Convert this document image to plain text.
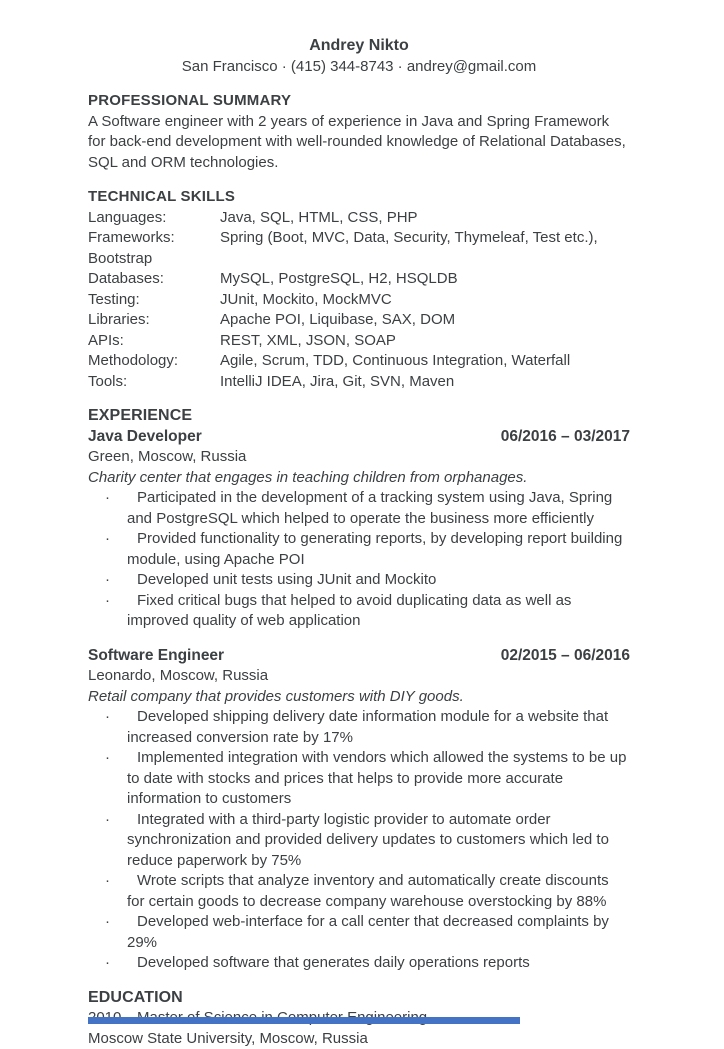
Andrey Nikto
San Francisco · (415) 344-8743 · andrey@gmail.com
PROFESSIONAL SUMMARY
A Software engineer with 2 years of experience in Java and Spring Framework for back-end development with well-rounded knowledge of Relational Databases, SQL and ORM technologies.
TECHNICAL SKILLS
Languages:	Java, SQL, HTML, CSS, PHP
Frameworks:	Spring (Boot, MVC, Data, Security, Thymeleaf, Test etc.),
Bootstrap
Databases:	MySQL, PostgreSQL, H2, HSQLDB
Testing:	JUnit, Mockito, MockMVC
Libraries:	Apache POI, Liquibase, SAX, DOM
APIs:	REST, XML, JSON, SOAP
Methodology:	Agile, Scrum, TDD, Continuous Integration, Waterfall
Tools:	IntelliJ IDEA, Jira, Git, SVN, Maven
EXPERIENCE
Java Developer	06/2016 – 03/2017
Green, Moscow, Russia
Charity center that engages in teaching children from orphanages.
·	Participated in the development of a tracking system using Java, Spring and PostgreSQL which helped to operate the business more efficiently
·	Provided functionality to generating reports, by developing report building module, using Apache POI
·	Developed unit tests using JUnit and Mockito
·	Fixed critical bugs that helped to avoid duplicating data as well as improved quality of web application
Software Engineer	02/2015 – 06/2016
Leonardo, Moscow, Russia
Retail company that provides customers with DIY goods.
·	Developed shipping delivery date information module for a website that increased conversion rate by 17%
·	Implemented integration with vendors which allowed the systems to be up to date with stocks and prices that helps to provide more accurate information to customers
·	Integrated with a third-party logistic provider to automate order synchronization and provided delivery updates to customers which led to reduce paperwork by 75%
·	Wrote scripts that analyze inventory and automatically create discounts for certain goods to decrease company warehouse overstocking by 88%
·	Developed web-interface for a call center that decreased complaints by 29%
·	Developed software that generates daily operations reports
EDUCATION
Moscow State University, Moscow, Russia
